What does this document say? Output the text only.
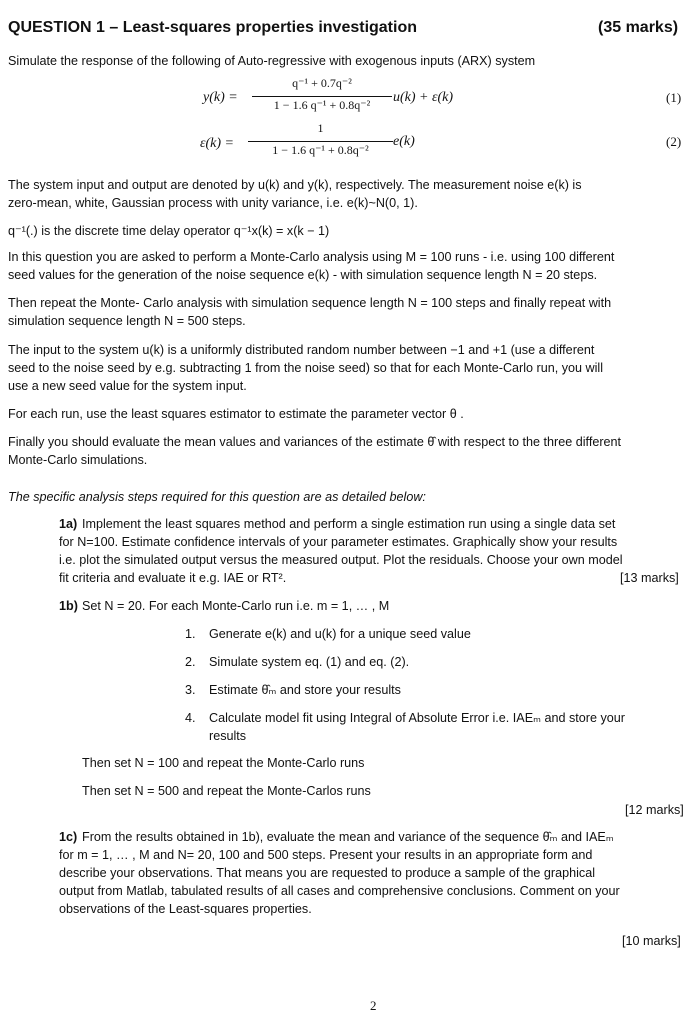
QUESTION 1 – Least-squares properties investigation	(35 marks)
Simulate the response of the following of Auto-regressive with exogenous inputs (ARX) system
y(k) =
q⁻¹ + 0.7q⁻²
1 − 1.6 q⁻¹ + 0.8q⁻²	u(k) + ε(k)	(1)
ε(k) =
1
1 − 1.6 q⁻¹ + 0.8q⁻²
e(k)	(2)
The system input and output are denoted by u(k) and y(k), respectively. The measurement noise e(k) is
zero-mean, white, Gaussian process with unity variance, i.e. e(k)~N(0, 1).
q⁻¹(.) is the discrete time delay operator q⁻¹x(k) = x(k − 1)
In this question you are asked to perform a Monte-Carlo analysis using M = 100 runs - i.e. using 100 different
seed values for the generation of the noise sequence e(k) - with simulation sequence length N = 20 steps.
Then repeat the Monte- Carlo analysis with simulation sequence length N = 100 steps and finally repeat with
simulation sequence length N = 500 steps.
The input to the system u(k) is a uniformly distributed random number between −1 and +1 (use a different
seed to the noise seed by e.g. subtracting 1 from the noise seed) so that for each Monte-Carlo run, you will
use a new seed value for the system input.
For each run, use the least squares estimator to estimate the parameter vector θ .
Finally you should evaluate the mean values and variances of the estimate θ̂ with respect to the three different
Monte-Carlo simulations.
The specific analysis steps required for this question are as detailed below:
1a) Implement the least squares method and perform a single estimation run using a single data set
for N=100. Estimate confidence intervals of your parameter estimates. Graphically show your results
i.e. plot the simulated output versus the measured output. Plot the residuals. Choose your own model
fit criteria and evaluate it e.g. IAE or RT².	[13 marks]
1b) Set N = 20. For each Monte-Carlo run i.e. m = 1, … , M
1. Generate e(k) and u(k) for a unique seed value
2. Simulate system eq. (1) and eq. (2).
3. Estimate θ̂ₘ and store your results
4. Calculate model fit using Integral of Absolute Error i.e. IAEₘ and store your
results
Then set N = 100 and repeat the Monte-Carlo runs
Then set N = 500 and repeat the Monte-Carlos runs
[12 marks]
1c) From the results obtained in 1b), evaluate the mean and variance of the sequence θ̂ₘ and IAEₘ
for m = 1, … , M and N= 20, 100 and 500 steps. Present your results in an appropriate form and
describe your observations. That means you are requested to produce a sample of the graphical
output from Matlab, tabulated results of all cases and comprehensive conclusions. Comment on your
observations of the Least-squares properties.
[10 marks]
2
